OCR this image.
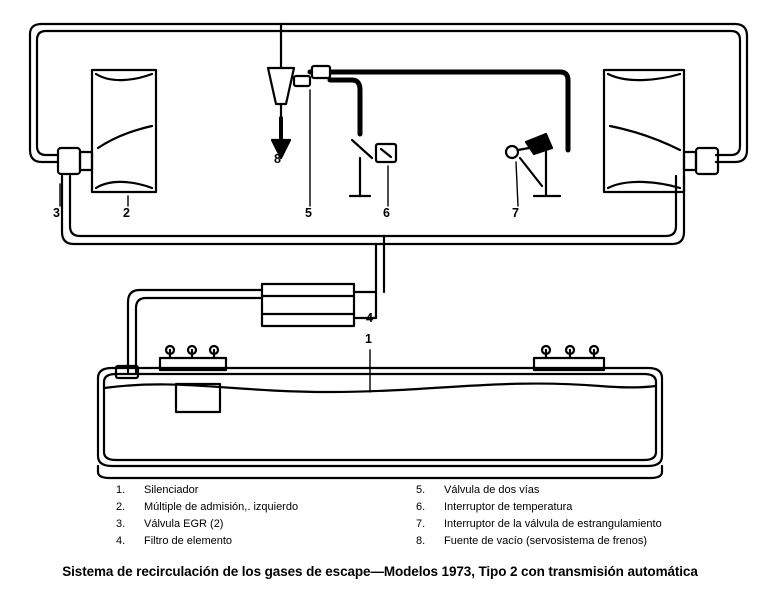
1
2
3
4
5	6	7
8
1.	Silenciador
2.	Múltiple de admisión,. izquierdo
3.	Válvula EGR (2)
4.	Filtro de elemento
5.	Válvula de dos vías
6.	Interruptor de temperatura
7.	Interruptor de la válvula de estrangulamiento
8.	Fuente de vacío (servosistema de frenos)
Sistema de recirculación de los gases de escape—Modelos 1973, Tipo 2 con transmisión automática
